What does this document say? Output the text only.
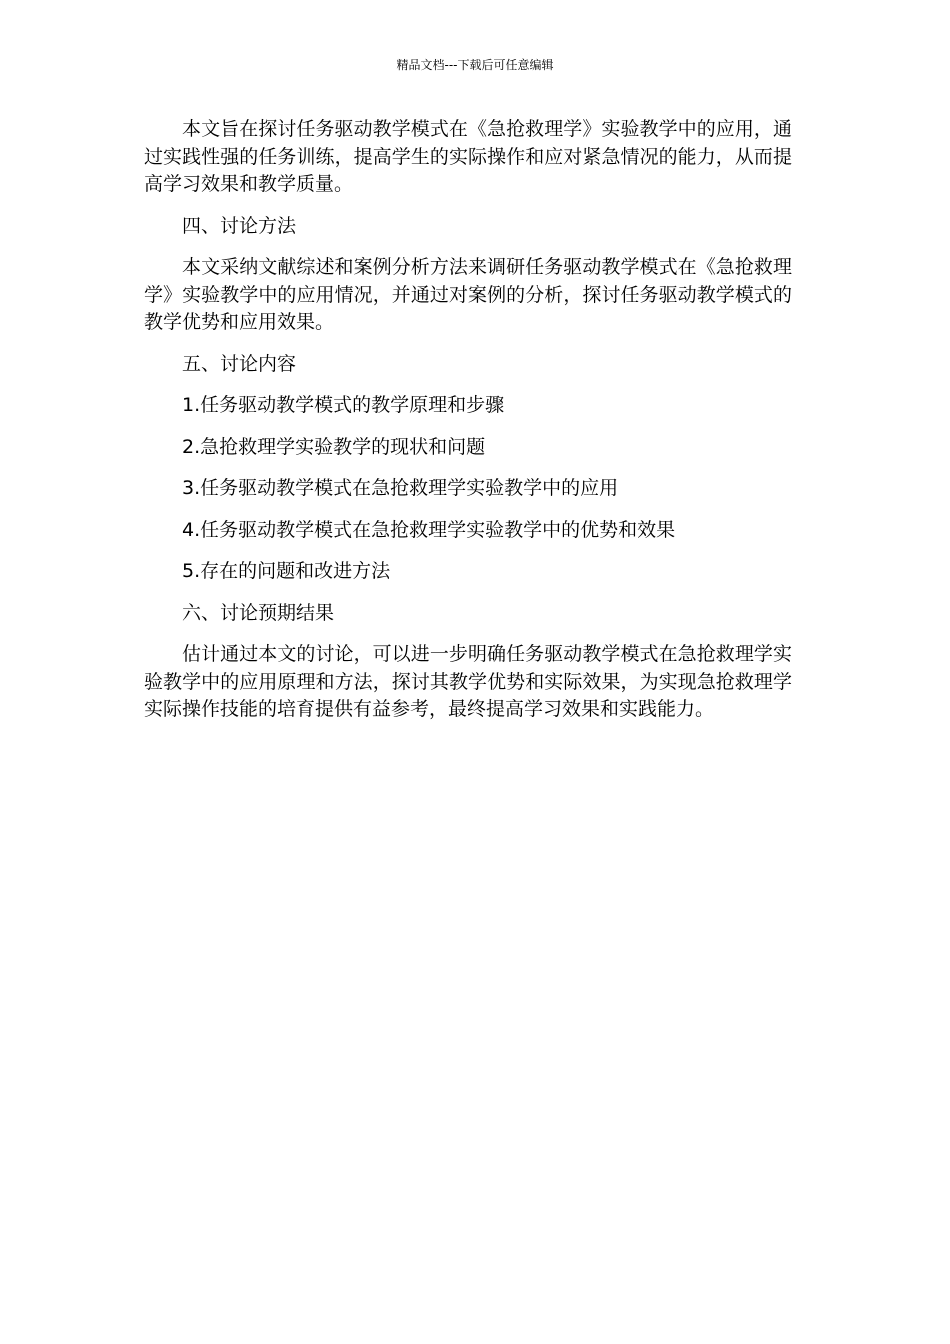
精品文档---下载后可任意编辑

本文旨在探讨任务驱动教学模式在《急抢救理学》实验教学中的应用，通过实践性强的任务训练，提高学生的实际操作和应对紧急情况的能力，从而提高学习效果和教学质量。

四、讨论方法

本文采纳文献综述和案例分析方法来调研任务驱动教学模式在《急抢救理学》实验教学中的应用情况，并通过对案例的分析，探讨任务驱动教学模式的教学优势和应用效果。

五、讨论内容

1.任务驱动教学模式的教学原理和步骤

2.急抢救理学实验教学的现状和问题

3.任务驱动教学模式在急抢救理学实验教学中的应用

4.任务驱动教学模式在急抢救理学实验教学中的优势和效果

5.存在的问题和改进方法

六、讨论预期结果

估计通过本文的讨论，可以进一步明确任务驱动教学模式在急抢救理学实验教学中的应用原理和方法，探讨其教学优势和实际效果，为实现急抢救理学实际操作技能的培育提供有益参考，最终提高学习效果和实践能力。
